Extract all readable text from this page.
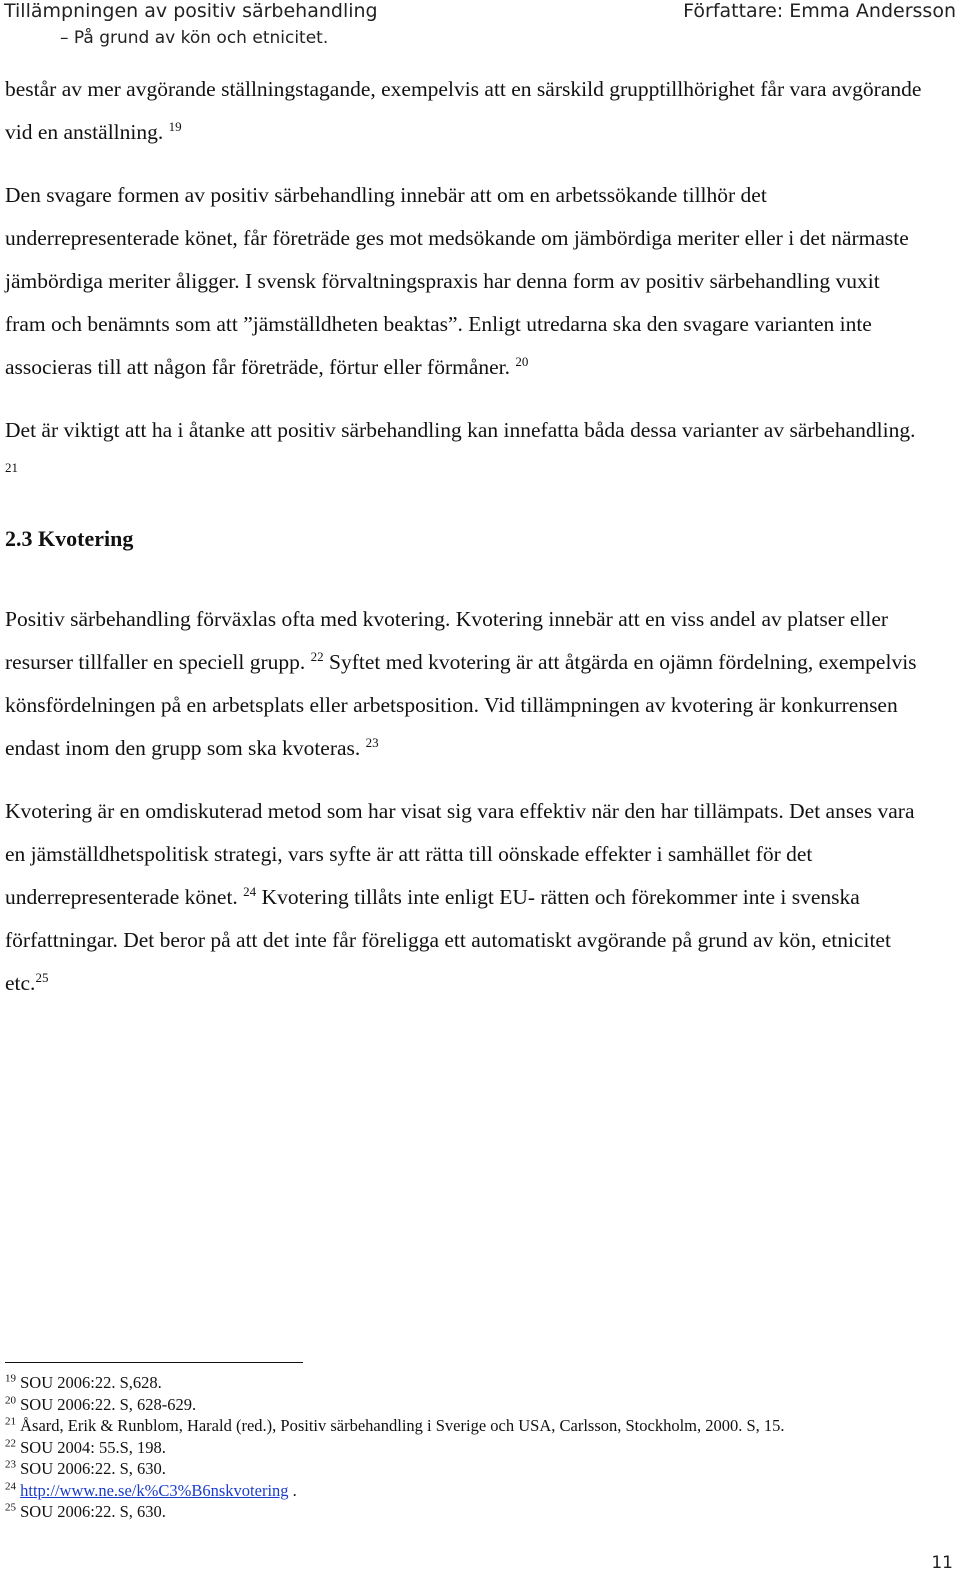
Tillämpningen av positiv särbehandling
– På grund av kön och etnicitet.
Författare: Emma Andersson

består av mer avgörande ställningstagande, exempelvis att en särskild grupptillhörighet får vara avgörande vid en anställning. $^{19}$

Den svagare formen av positiv särbehandling innebär att om en arbetssökande tillhör det underrepresenterade könet, får företräde ges mot medsökande om jämbördiga meriter eller i det närmaste jämbördiga meriter åligger. I svensk förvaltningspraxis har denna form av positiv särbehandling vuxit fram och benämnts som att ”jämställdheten beaktas”. Enligt utredarna ska den svagare varianten inte associeras till att någon får företräde, förtur eller förmåner. $^{20}$

Det är viktigt att ha i åtanke att positiv särbehandling kan innefatta båda dessa varianter av särbehandling. $^{21}$

2.3 Kvotering

Positiv särbehandling förväxlas ofta med kvotering. Kvotering innebär att en viss andel av platser eller resurser tillfaller en speciell grupp. $^{22}$ Syftet med kvotering är att åtgärda en ojämn fördelning, exempelvis könsfördelningen på en arbetsplats eller arbetsposition. Vid tillämpningen av kvotering är konkurrensen endast inom den grupp som ska kvoteras. $^{23}$

Kvotering är en omdiskuterad metod som har visat sig vara effektiv när den har tillämpats. Det anses vara en jämställdhetspolitisk strategi, vars syfte är att rätta till oönskade effekter i samhället för det underrepresenterade könet. $^{24}$ Kvotering tillåts inte enligt EU- rätten och förekommer inte i svenska författningar. Det beror på att det inte får föreligga ett automatiskt avgörande på grund av kön, etnicitet etc.$^{25}$

$^{19}$ SOU 2006:22. S,628.
$^{20}$ SOU 2006:22. S, 628-629.
$^{21}$ Åsard, Erik & Runblom, Harald (red.), Positiv särbehandling i Sverige och USA, Carlsson, Stockholm, 2000. S, 15.
$^{22}$ SOU 2004: 55.S, 198.
$^{23}$ SOU 2006:22. S, 630.
$^{24}$ http://www.ne.se/k%C3%B6nskvotering .
$^{25}$ SOU 2006:22. S, 630.
11
